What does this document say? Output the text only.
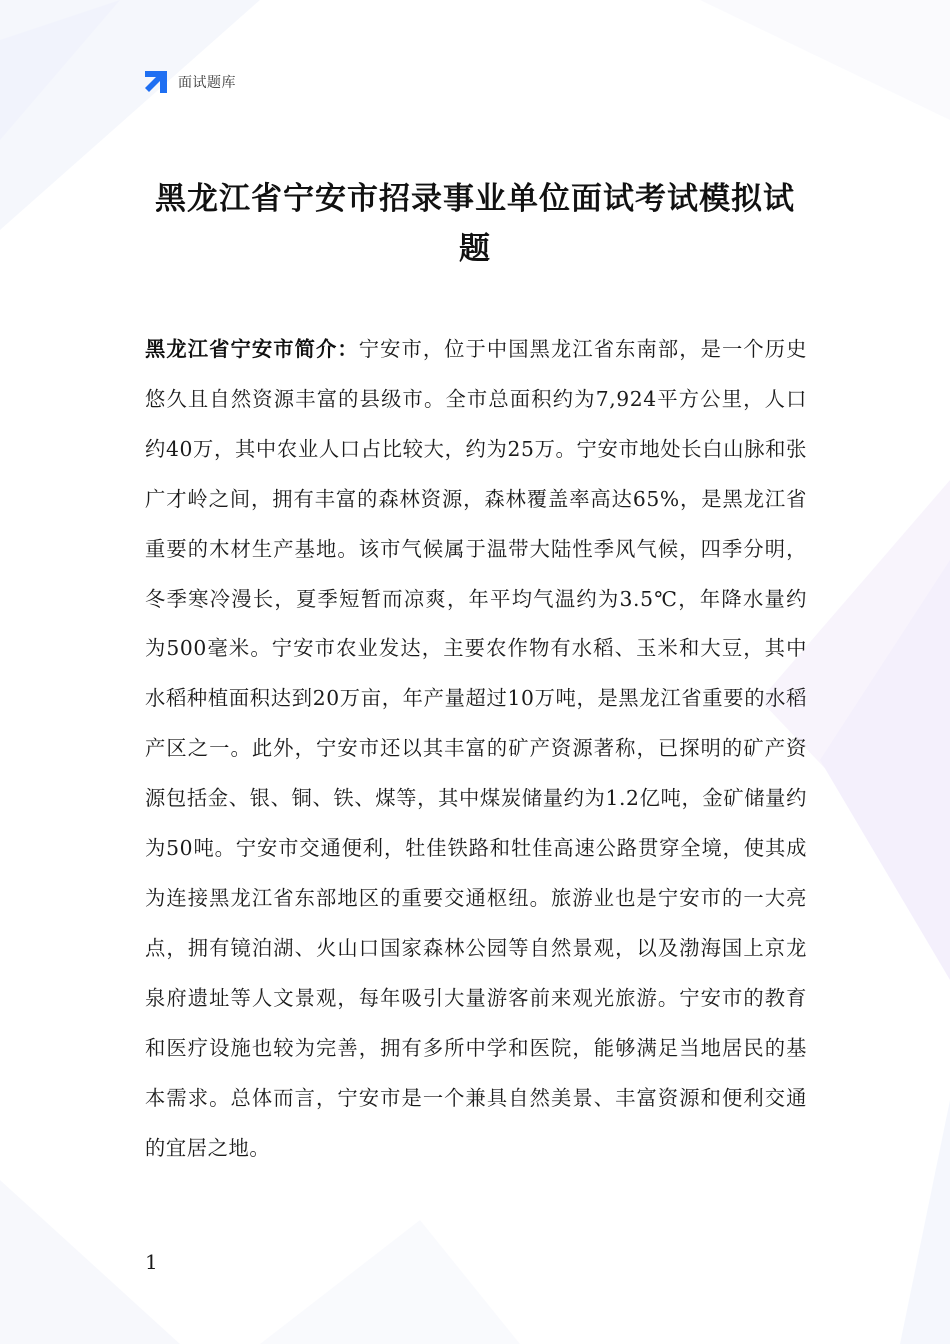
面试题库
黑龙江省宁安市招录事业单位面试考试模拟试题

黑龙江省宁安市简介：宁安市，位于中国黑龙江省东南部，是一个历史悠久且自然资源丰富的县级市。全市总面积约为7,924平方公里，人口约40万，其中农业人口占比较大，约为25万。宁安市地处长白山脉和张广才岭之间，拥有丰富的森林资源，森林覆盖率高达65%，是黑龙江省重要的木材生产基地。该市气候属于温带大陆性季风气候，四季分明，冬季寒冷漫长，夏季短暂而凉爽，年平均气温约为3.5℃，年降水量约为500毫米。宁安市农业发达，主要农作物有水稻、玉米和大豆，其中水稻种植面积达到20万亩，年产量超过10万吨，是黑龙江省重要的水稻产区之一。此外，宁安市还以其丰富的矿产资源著称，已探明的矿产资源包括金、银、铜、铁、煤等，其中煤炭储量约为1.2亿吨，金矿储量约为50吨。宁安市交通便利，牡佳铁路和牡佳高速公路贯穿全境，使其成为连接黑龙江省东部地区的重要交通枢纽。旅游业也是宁安市的一大亮点，拥有镜泊湖、火山口国家森林公园等自然景观，以及渤海国上京龙泉府遗址等人文景观，每年吸引大量游客前来观光旅游。宁安市的教育和医疗设施也较为完善，拥有多所中学和医院，能够满足当地居民的基本需求。总体而言，宁安市是一个兼具自然美景、丰富资源和便利交通的宜居之地。

1
